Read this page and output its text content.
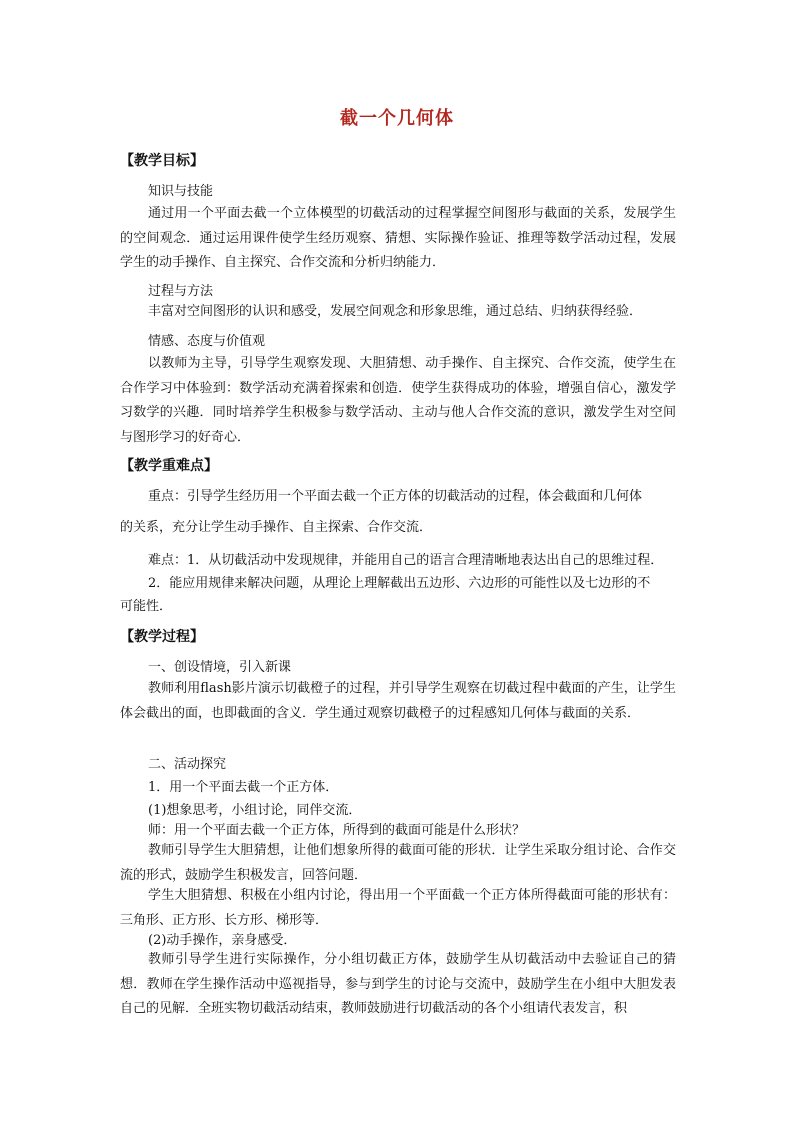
截一个几何体
【教学目标】
知识与技能

通过用一个平面去截一个立体模型的切截活动的过程掌握空间图形与截面的关系，发展学生的空间观念．通过运用课件使学生经历观察、猜想、实际操作验证、推理等数学活动过程，发展学生的动手操作、自主探究、合作交流和分析归纳能力．

过程与方法

丰富对空间图形的认识和感受，发展空间观念和形象思维，通过总结、归纳获得经验．

情感、态度与价值观

以教师为主导，引导学生观察发现、大胆猜想、动手操作、自主探究、合作交流，使学生在合作学习中体验到：数学活动充满着探索和创造．使学生获得成功的体验，增强自信心，激发学习数学的兴趣．同时培养学生积极参与数学活动、主动与他人合作交流的意识，激发学生对空间与图形学习的好奇心．

【教学重难点】
重点：引导学生经历用一个平面去截一个正方体的切截活动的过程，体会截面和几何体
的关系，充分让学生动手操作、自主探索、合作交流．
难点：1．从切截活动中发现规律，并能用自己的语言合理清晰地表达出自己的思维过程．
2．能应用规律来解决问题，从理论上理解截出五边形、六边形的可能性以及七边形的不
可能性．
【教学过程】
一、创设情境，引入新课

教师利用flash影片演示切截橙子的过程，并引导学生观察在切截过程中截面的产生，让学生体会截出的面，也即截面的含义．学生通过观察切截橙子的过程感知几何体与截面的关系．

二、活动探究
1．用一个平面去截一个正方体．
(1)想象思考，小组讨论，同伴交流．
师：用一个平面去截一个正方体，所得到的截面可能是什么形状？

教师引导学生大胆猜想，让他们想象所得的截面可能的形状．让学生采取分组讨论、合作交流的形式，鼓励学生积极发言，回答问题．

学生大胆猜想、积极在小组内讨论，得出用一个平面截一个正方体所得截面可能的形状有：三角形、正方形、长方形、梯形等．

(2)动手操作，亲身感受．

教师引导学生进行实际操作，分小组切截正方体，鼓励学生从切截活动中去验证自己的猜想．教师在学生操作活动中巡视指导，参与到学生的讨论与交流中，鼓励学生在小组中大胆发表自己的见解．全班实物切截活动结束，教师鼓励进行切截活动的各个小组请代表发言，积
